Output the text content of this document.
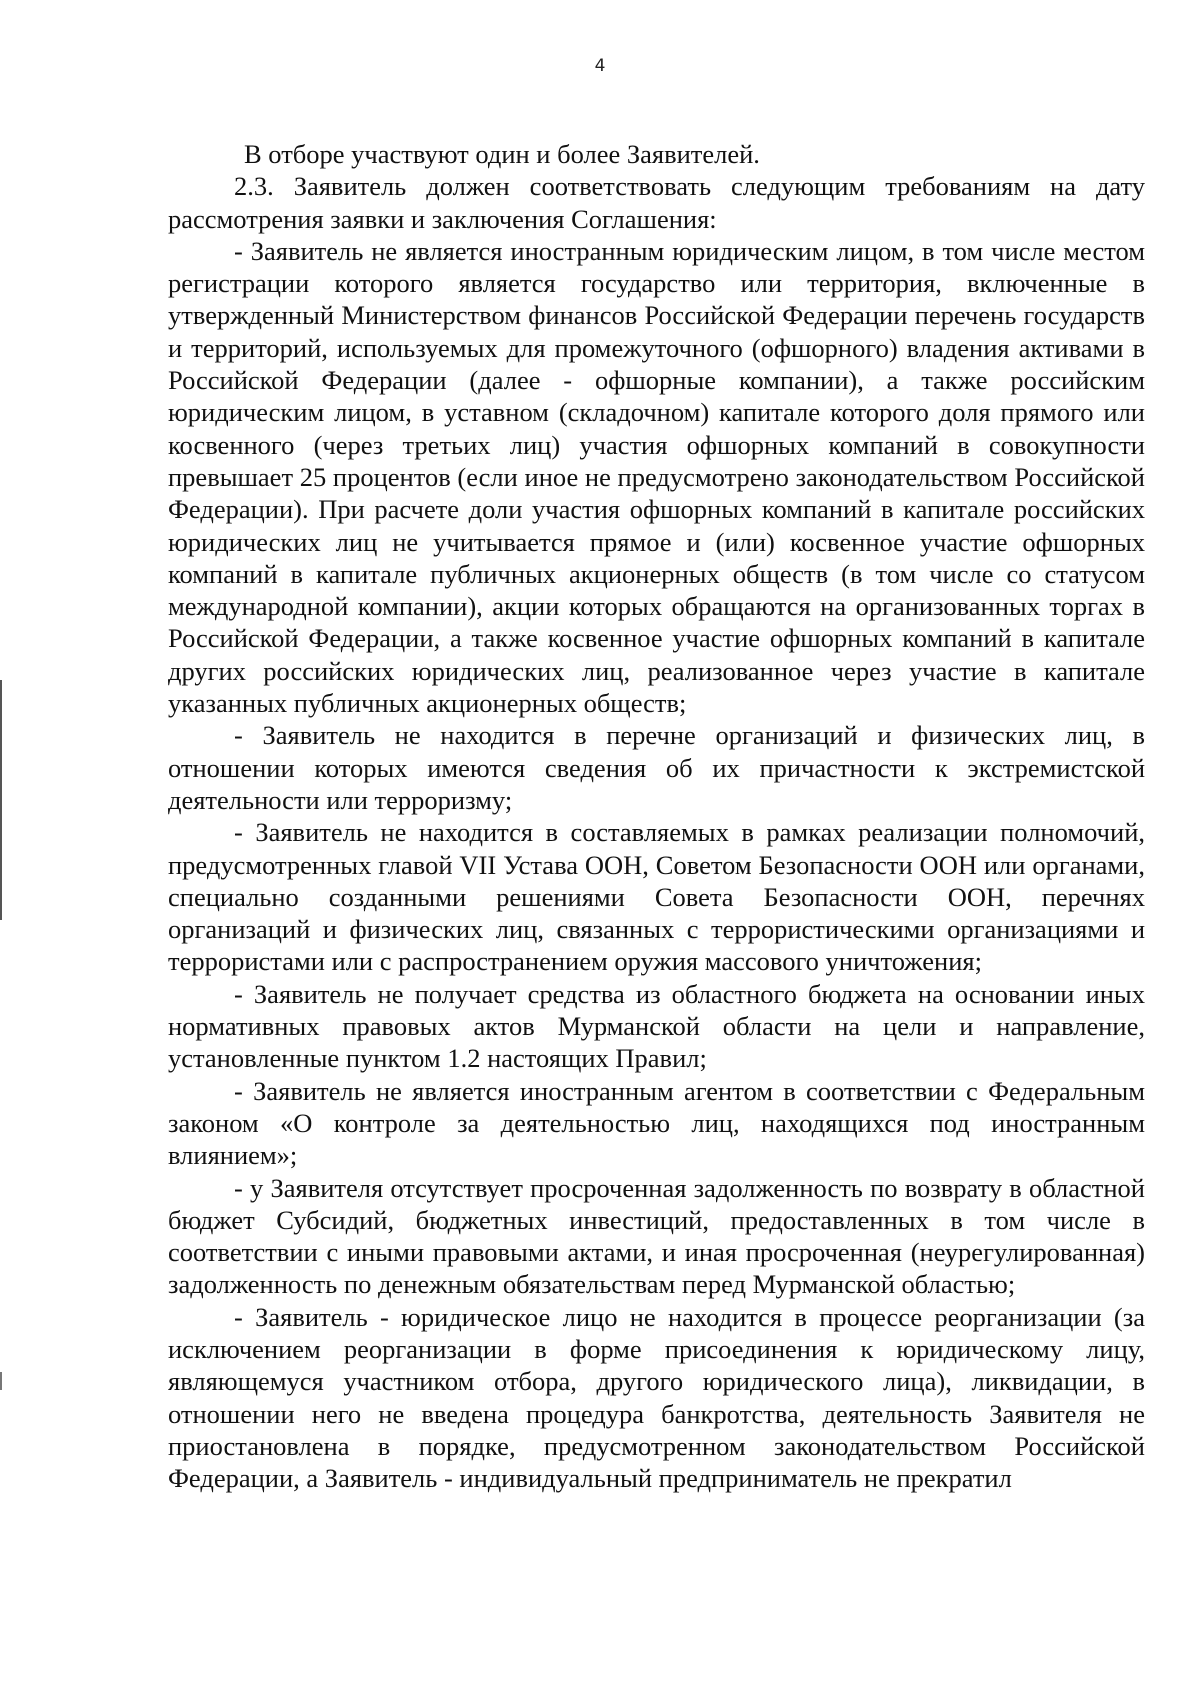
4

В отборе участвуют один и более Заявителей.

2.3. Заявитель должен соответствовать следующим требованиям на дату рассмотрения заявки и заключения Соглашения:

- Заявитель не является иностранным юридическим лицом, в том числе местом регистрации которого является государство или территория, включенные в утвержденный Министерством финансов Российской Федерации перечень государств и территорий, используемых для промежуточного (офшорного) владения активами в Российской Федерации (далее - офшорные компании), а также российским юридическим лицом, в уставном (складочном) капитале которого доля прямого или косвенного (через третьих лиц) участия офшорных компаний в совокупности превышает 25 процентов (если иное не предусмотрено законодательством Российской Федерации). При расчете доли участия офшорных компаний в капитале российских юридических лиц не учитывается прямое и (или) косвенное участие офшорных компаний в капитале публичных акционерных обществ (в том числе со статусом международной компании), акции которых обращаются на организованных торгах в Российской Федерации, а также косвенное участие офшорных компаний в капитале других российских юридических лиц, реализованное через участие в капитале указанных публичных акционерных обществ;

- Заявитель не находится в перечне организаций и физических лиц, в отношении которых имеются сведения об их причастности к экстремистской деятельности или терроризму;

- Заявитель не находится в составляемых в рамках реализации полномочий, предусмотренных главой VII Устава ООН, Советом Безопасности ООН или органами, специально созданными решениями Совета Безопасности ООН, перечнях организаций и физических лиц, связанных с террористическими организациями и террористами или с распространением оружия массового уничтожения;

- Заявитель не получает средства из областного бюджета на основании иных нормативных правовых актов Мурманской области на цели и направление, установленные пунктом 1.2 настоящих Правил;

- Заявитель не является иностранным агентом в соответствии с Федеральным законом «О контроле за деятельностью лиц, находящихся под иностранным влиянием»;

- у Заявителя отсутствует просроченная задолженность по возврату в областной бюджет Субсидий, бюджетных инвестиций, предоставленных в том числе в соответствии с иными правовыми актами, и иная просроченная (неурегулированная) задолженность по денежным обязательствам перед Мурманской областью;

- Заявитель - юридическое лицо не находится в процессе реорганизации (за исключением реорганизации в форме присоединения к юридическому лицу, являющемуся участником отбора, другого юридического лица), ликвидации, в отношении него не введена процедура банкротства, деятельность Заявителя не приостановлена в порядке, предусмотренном законодательством Российской Федерации, а Заявитель - индивидуальный предприниматель не прекратил
